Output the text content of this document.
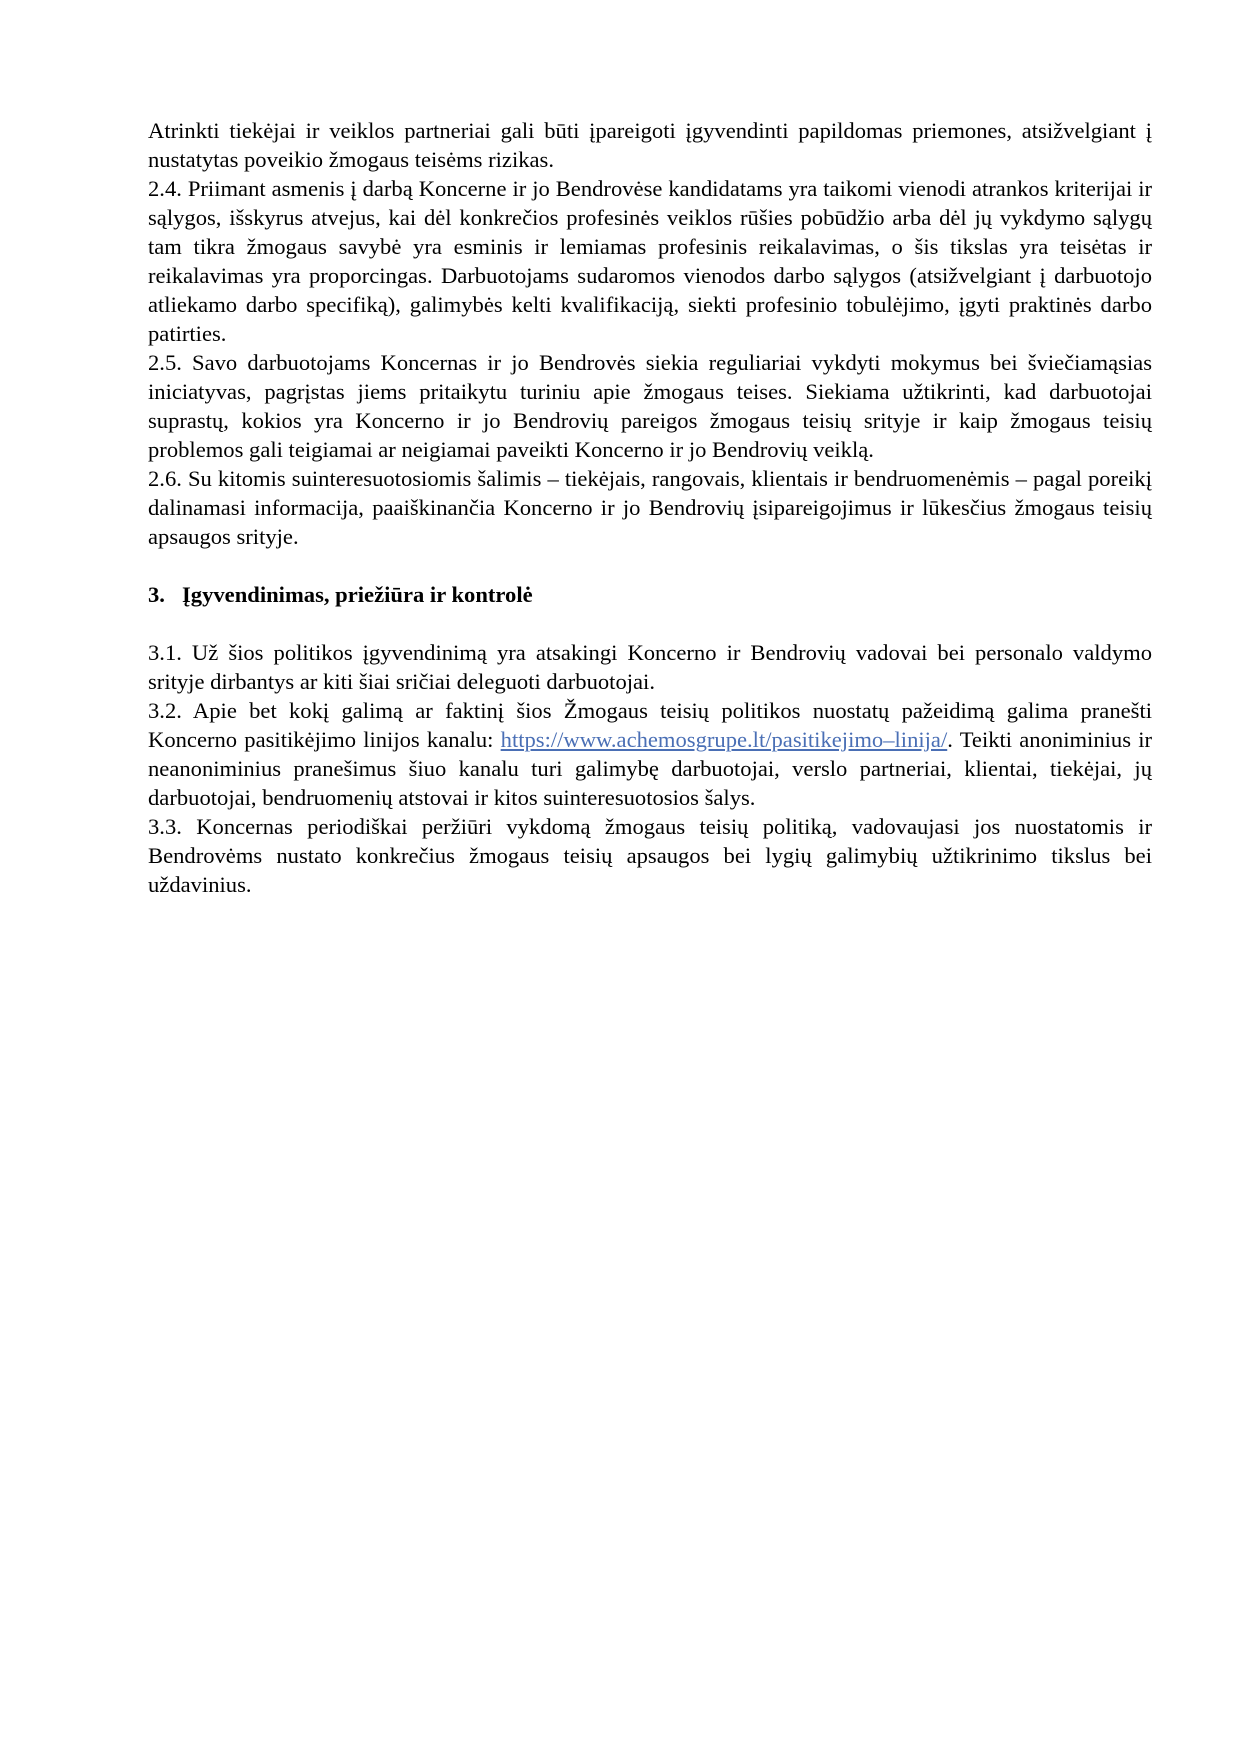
Atrinkti tiekėjai ir veiklos partneriai gali būti įpareigoti įgyvendinti papildomas priemones, atsižvelgiant į nustatytas poveikio žmogaus teisėms rizikas.

2.4. Priimant asmenis į darbą Koncerne ir jo Bendrovėse kandidatams yra taikomi vienodi atrankos kriterijai ir sąlygos, išskyrus atvejus, kai dėl konkrečios profesinės veiklos rūšies pobūdžio arba dėl jų vykdymo sąlygų tam tikra žmogaus savybė yra esminis ir lemiamas profesinis reikalavimas, o šis tikslas yra teisėtas ir reikalavimas yra proporcingas. Darbuotojams sudaromos vienodos darbo sąlygos (atsižvelgiant į darbuotojo atliekamo darbo specifiką), galimybės kelti kvalifikaciją, siekti profesinio tobulėjimo, įgyti praktinės darbo patirties.

2.5. Savo darbuotojams Koncernas ir jo Bendrovės siekia reguliariai vykdyti mokymus bei šviečiamąsias iniciatyvas, pagrįstas jiems pritaikytu turiniu apie žmogaus teises. Siekiama užtikrinti, kad darbuotojai suprastų, kokios yra Koncerno ir jo Bendrovių pareigos žmogaus teisių srityje ir kaip žmogaus teisių problemos gali teigiamai ar neigiamai paveikti Koncerno ir jo Bendrovių veiklą.

2.6. Su kitomis suinteresuotosiomis šalimis – tiekėjais, rangovais, klientais ir bendruomenėmis – pagal poreikį dalinamasi informacija, paaiškinančia Koncerno ir jo Bendrovių įsipareigojimus ir lūkesčius žmogaus teisių apsaugos srityje.

3. Įgyvendinimas, priežiūra ir kontrolė

3.1. Už šios politikos įgyvendinimą yra atsakingi Koncerno ir Bendrovių vadovai bei personalo valdymo srityje dirbantys ar kiti šiai sričiai deleguoti darbuotojai.

3.2. Apie bet kokį galimą ar faktinį šios Žmogaus teisių politikos nuostatų pažeidimą galima pranešti Koncerno pasitikėjimo linijos kanalu: https://www.achemosgrupe.lt/pasitikejimo–linija/. Teikti anoniminius ir neanoniminius pranešimus šiuo kanalu turi galimybę darbuotojai, verslo partneriai, klientai, tiekėjai, jų darbuotojai, bendruomenių atstovai ir kitos suinteresuotosios šalys.

3.3. Koncernas periodiškai peržiūri vykdomą žmogaus teisių politiką, vadovaujasi jos nuostatomis ir Bendrovėms nustato konkrečius žmogaus teisių apsaugos bei lygių galimybių užtikrinimo tikslus bei uždavinius.
